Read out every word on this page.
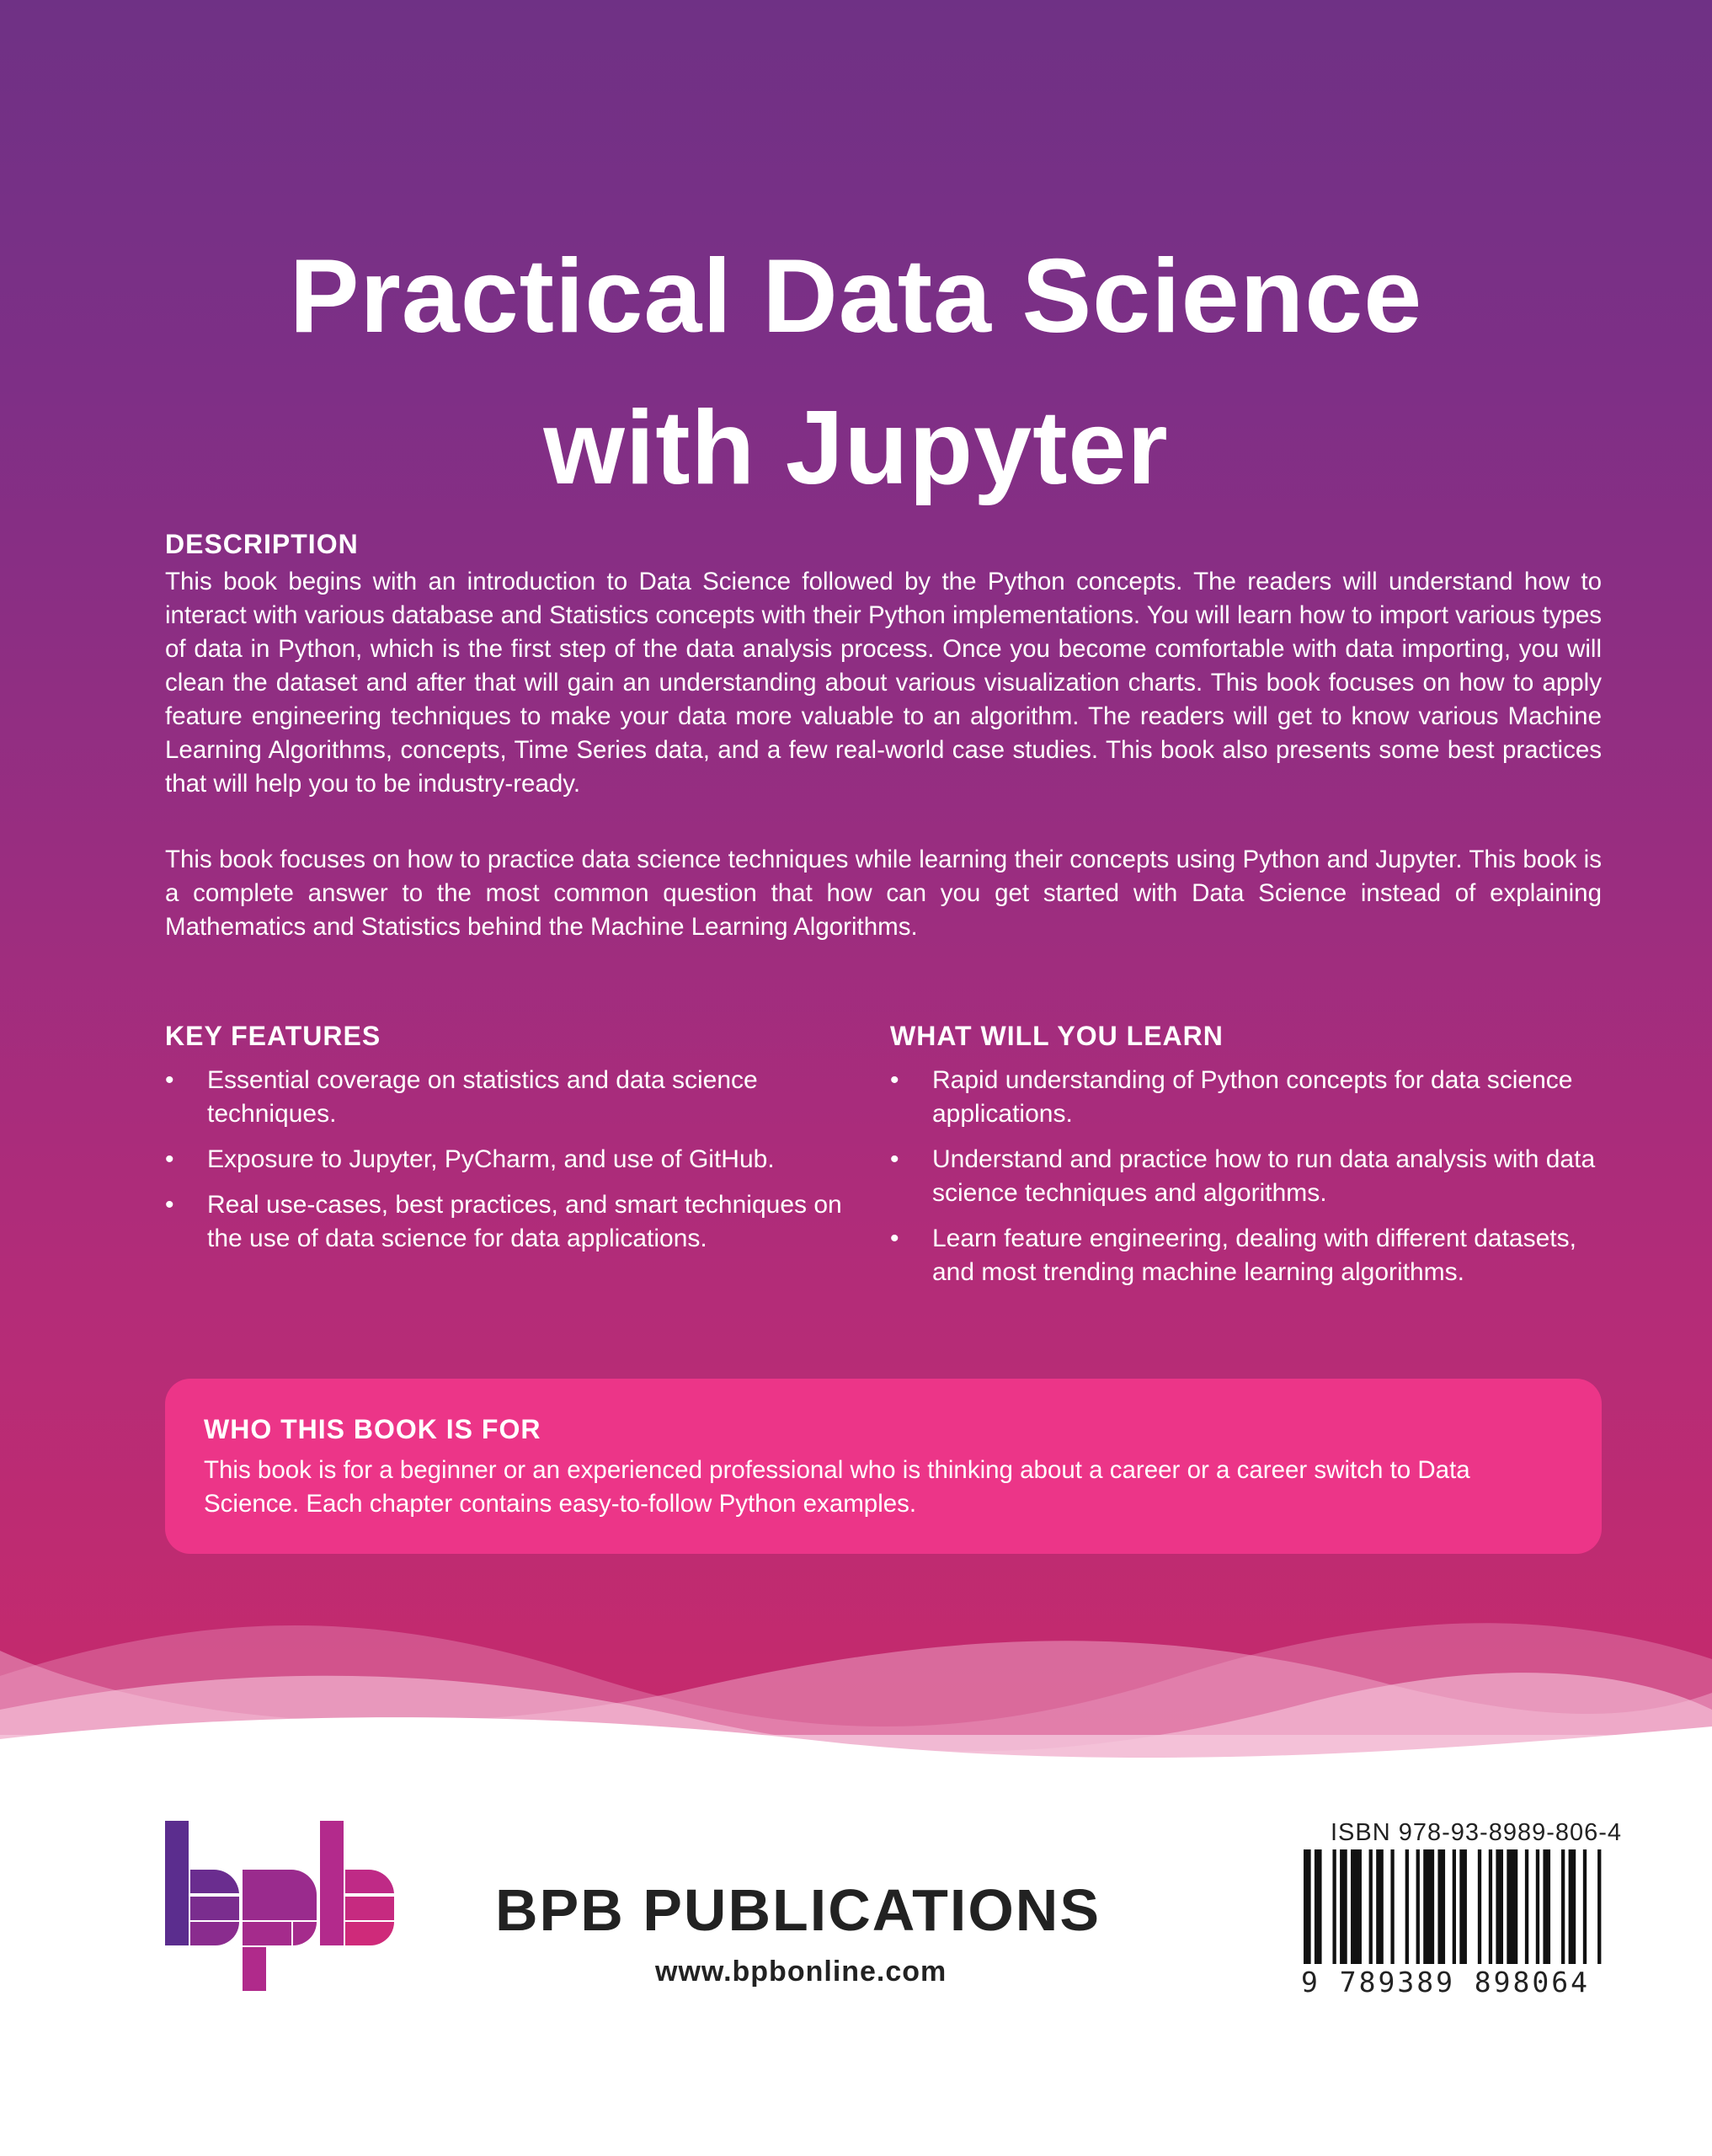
Practical Data Science
with Jupyter
DESCRIPTION

This book begins with an introduction to Data Science followed by the Python concepts. The readers will understand how to interact with various database and Statistics concepts with their Python implementations. You will learn how to import various types of data in Python, which is the first step of the data analysis process. Once you become comfortable with data importing, you will clean the dataset and after that will gain an understanding about various visualization charts. This book focuses on how to apply feature engineering techniques to make your data more valuable to an algorithm. The readers will get to know various Machine Learning Algorithms, concepts, Time Series data, and a few real-world case studies. This book also presents some best practices that will help you to be industry-ready.

This book focuses on how to practice data science techniques while learning their concepts using Python and Jupyter. This book is a complete answer to the most common question that how can you get started with Data Science instead of explaining Mathematics and Statistics behind the Machine Learning Algorithms.

KEY FEATURES
•	Essential coverage on statistics and data science techniques.
•	Exposure to Jupyter, PyCharm, and use of GitHub.
•	Real use-cases, best practices, and smart techniques on the use of data science for data applications.
WHAT WILL YOU LEARN
•	Rapid understanding of Python concepts for data science applications.
•	Understand and practice how to run data analysis with data science techniques and algorithms.
•	Learn feature engineering, dealing with different datasets, and most trending machine learning algorithms.
WHO THIS BOOK IS FOR

This book is for a beginner or an experienced professional who is thinking about a career or a career switch to Data Science. Each chapter contains easy-to-follow Python examples.

BPB PUBLICATIONS

www.bpbonline.com

ISBN 978-93-8989-806-4

9 789389 898064
